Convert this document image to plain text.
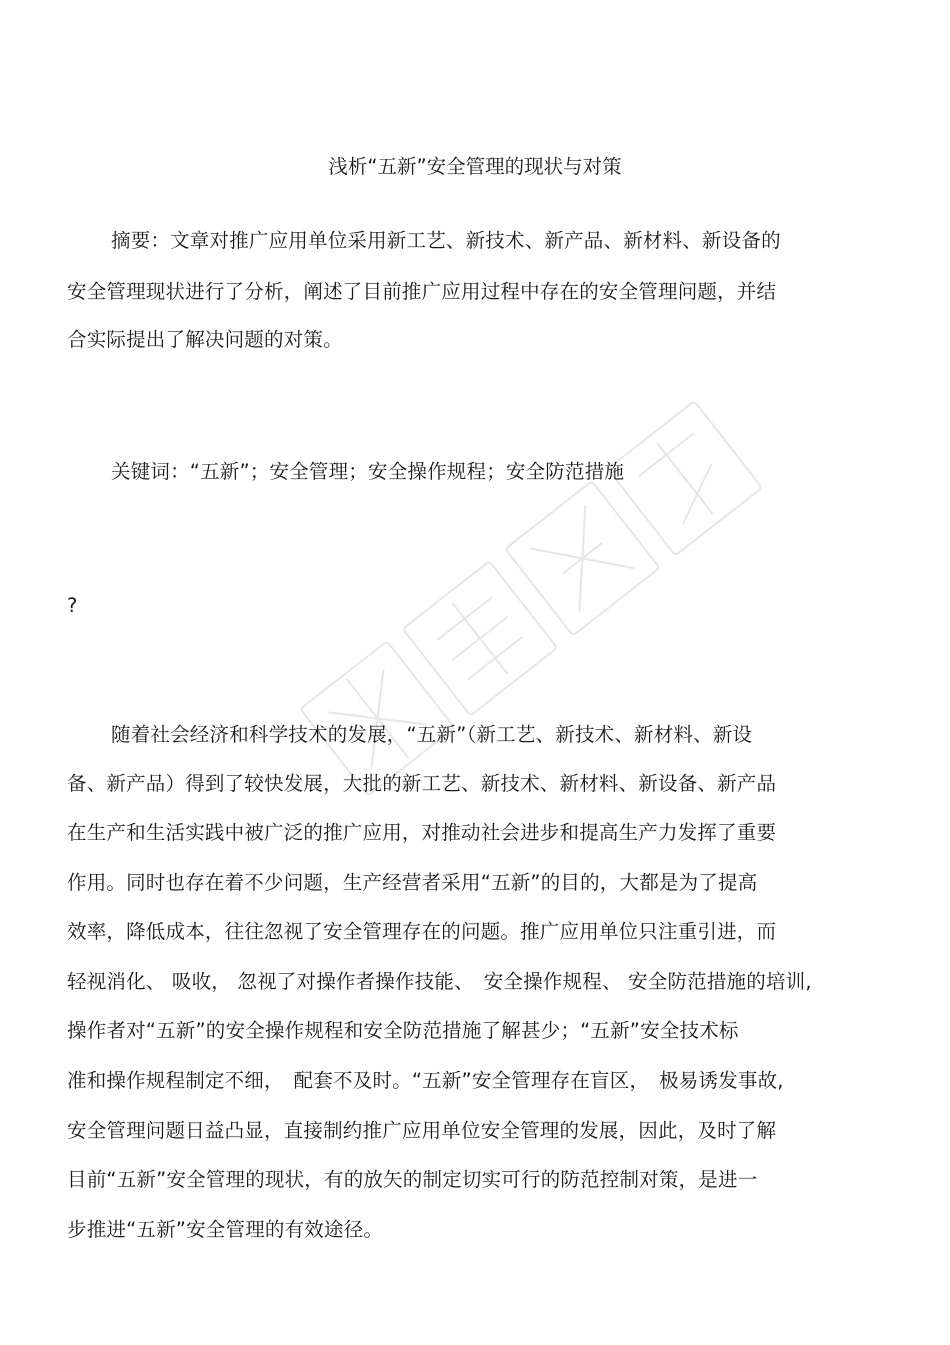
浅析“五新”安全管理的现状与对策
摘要：文章对推广应用单位采用新工艺、新技术、新产品、新材料、新设备的
安全管理现状进行了分析，阐述了目前推广应用过程中存在的安全管理问题，并结
合实际提出了解决问题的对策。
关键词：“五新”；安全管理；安全操作规程；安全防范措施
?
随着社会经济和科学技术的发展，“五新”（新工艺、新技术、新材料、新设
备、新产品）得到了较快发展，大批的新工艺、新技术、新材料、新设备、新产品
在生产和生活实践中被广泛的推广应用，对推动社会进步和提高生产力发挥了重要
作用。同时也存在着不少问题，生产经营者采用“五新”的目的，大都是为了提高
效率，降低成本，往往忽视了安全管理存在的问题。推广应用单位只注重引进，而
轻视消化、 吸收， 忽视了对操作者操作技能、　安全操作规程、 安全防范措施的培训,
操作者对“五新”的安全操作规程和安全防范措施了解甚少；“五新”安全技术标
准和操作规程制定不细，　配套不及时。“五新”安全管理存在盲区，　极易诱发事故,
安全管理问题日益凸显，直接制约推广应用单位安全管理的发展，因此，及时了解
目前“五新”安全管理的现状，有的放矢的制定切实可行的防范控制对策，是进一
步推进“五新”安全管理的有效途径。
